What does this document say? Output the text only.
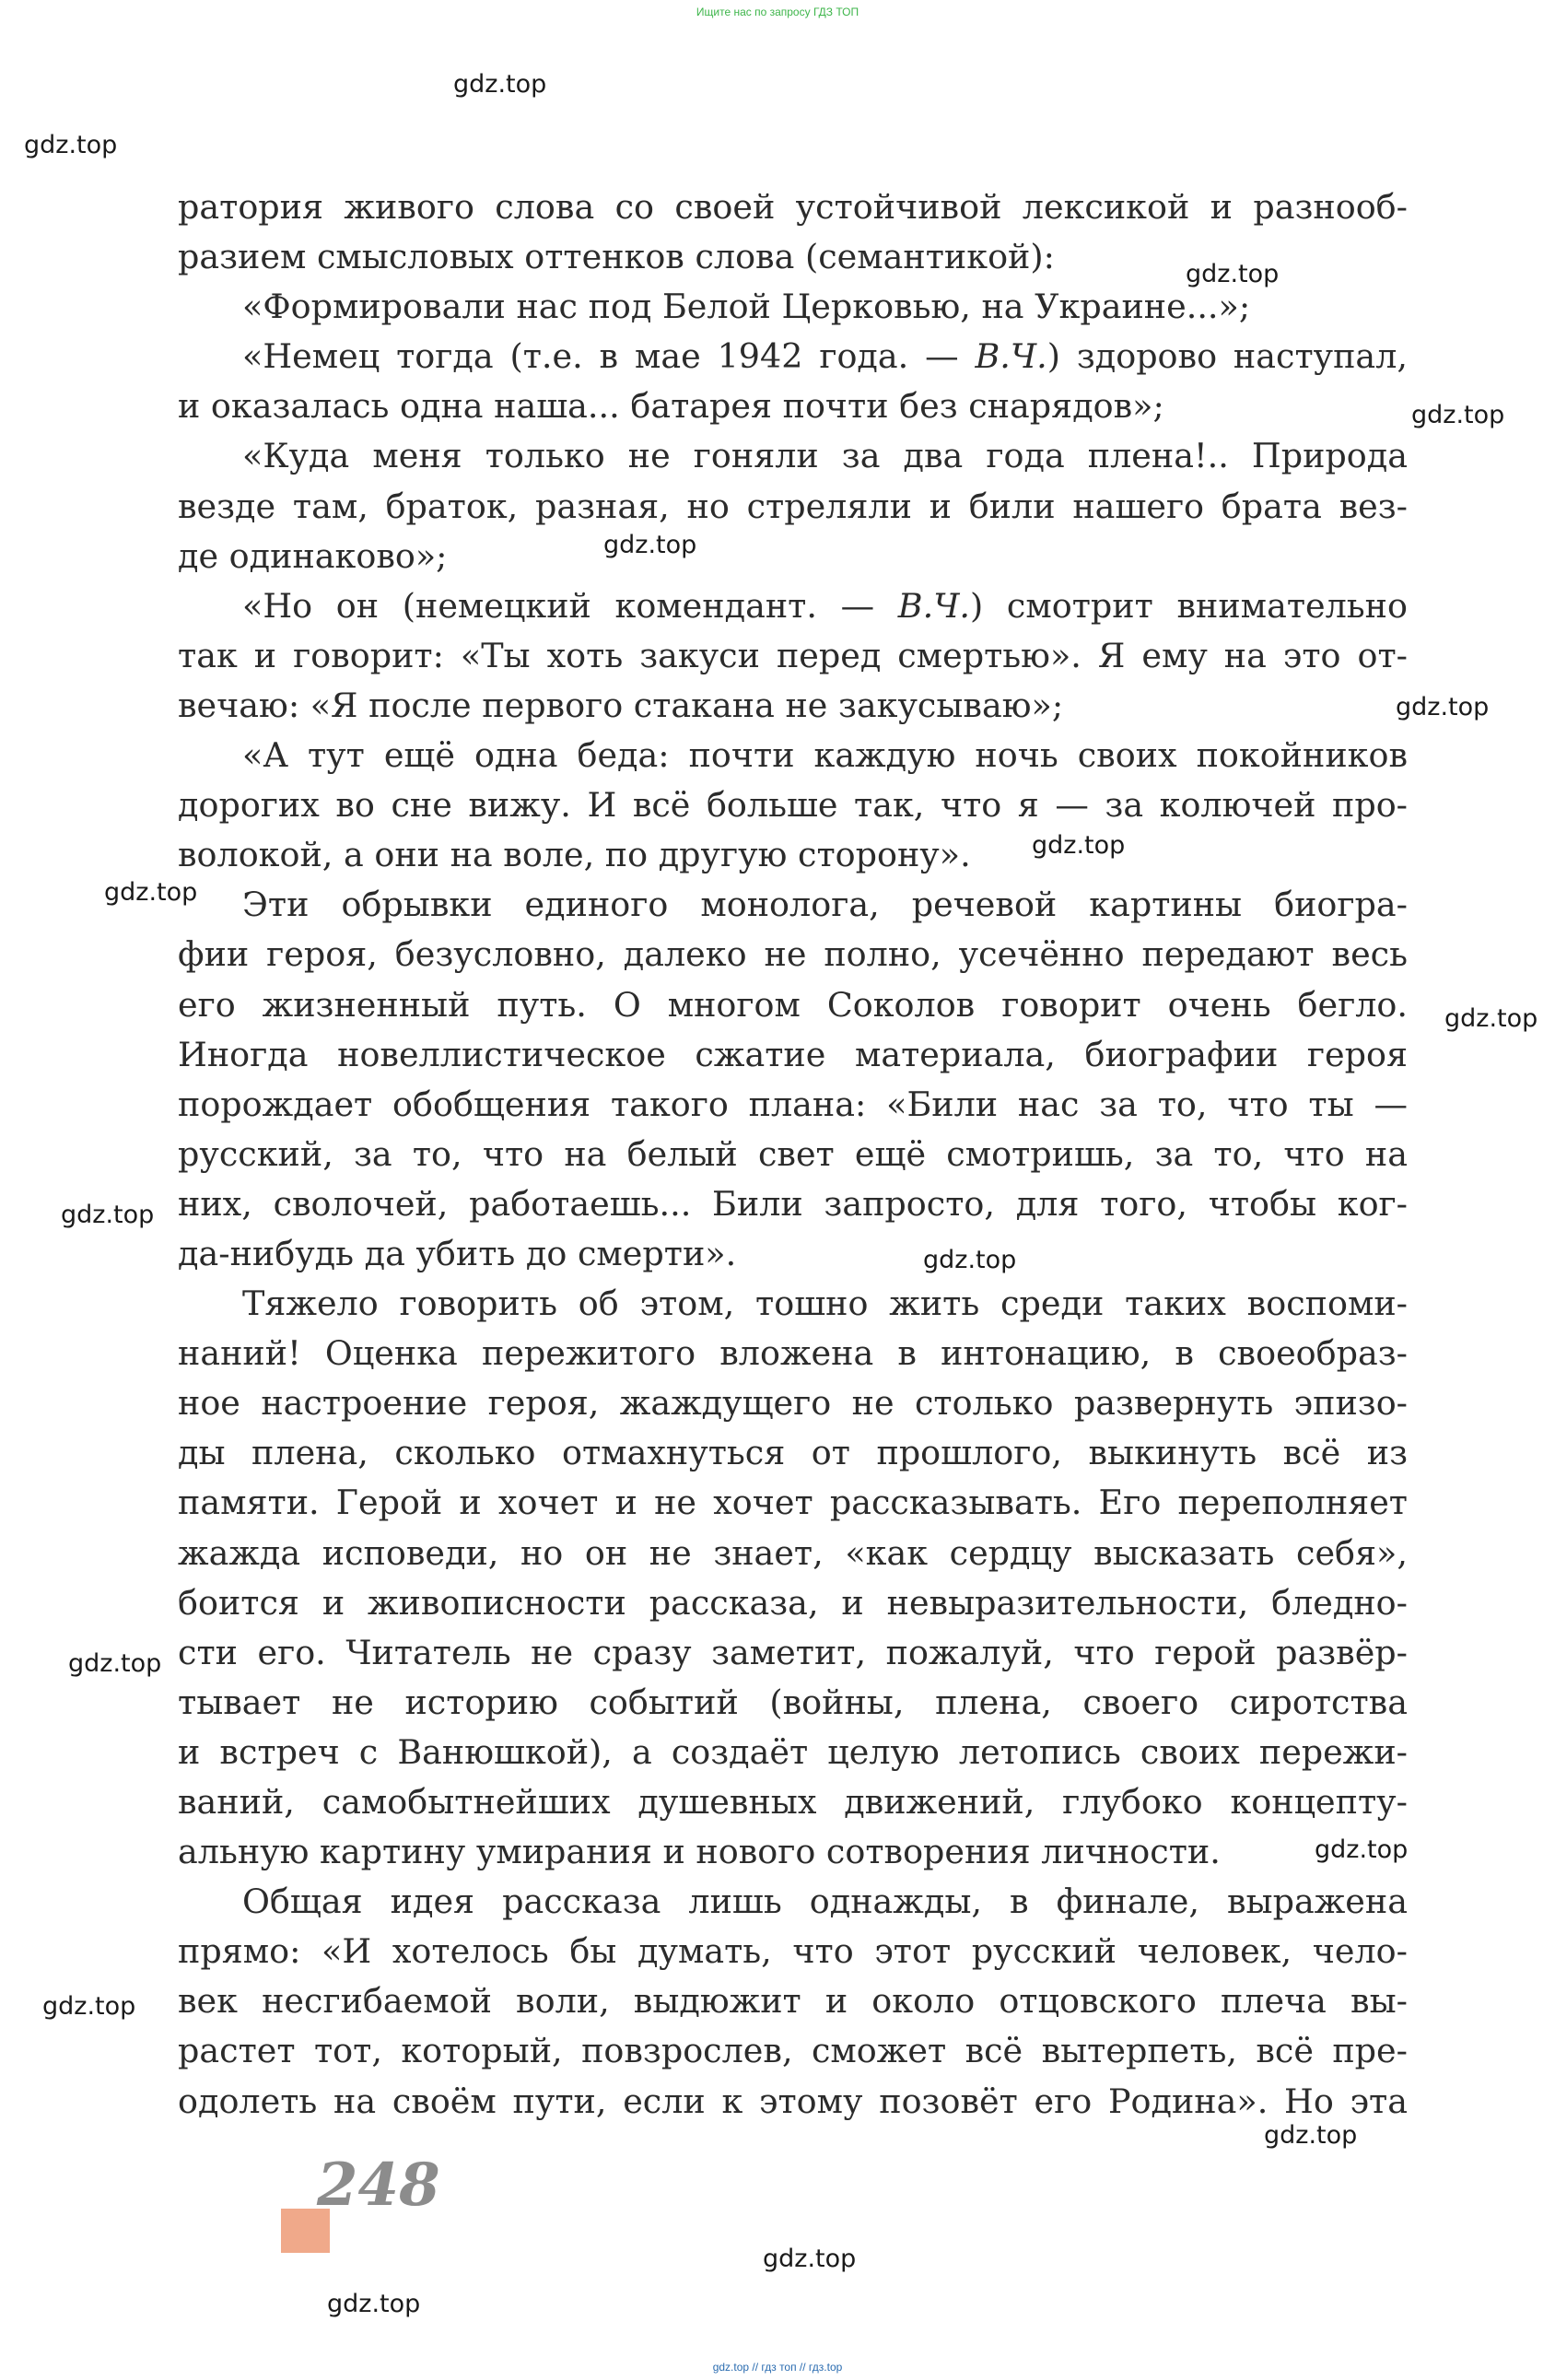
Ищите нас по запросу ГДЗ ТОП
ратория живого слова со своей устойчивой лексикой и разнооб-
разием смысловых оттенков слова (семантикой):
«Формировали нас под Белой Церковью, на Украине...»;
«Немец тогда (т.е. в мае 1942 года. — В.Ч.) здорово наступал,
и оказалась одна наша... батарея почти без снарядов»;
«Куда меня только не гоняли за два года плена!.. Природа
везде там, браток, разная, но стреляли и били нашего брата вез-
де одинаково»;
«Но он (немецкий комендант. — В.Ч.) смотрит внимательно
так и говорит: «Ты хоть закуси перед смертью». Я ему на это от-
вечаю: «Я после первого стакана не закусываю»;
«А тут ещё одна беда: почти каждую ночь своих покойников
дорогих во сне вижу. И всё больше так, что я — за колючей про-
волокой, а они на воле, по другую сторону».
Эти обрывки единого монолога, речевой картины биогра-
фии героя, безусловно, далеко не полно, усечённо передают весь
его жизненный путь. О многом Соколов говорит очень бегло.
Иногда новеллистическое сжатие материала, биографии героя
порождает обобщения такого плана: «Били нас за то, что ты —
русский, за то, что на белый свет ещё смотришь, за то, что на
них, сволочей, работаешь... Били запросто, для того, чтобы ког-
да-нибудь да убить до смерти».
Тяжело говорить об этом, тошно жить среди таких воспоми-
наний! Оценка пережитого вложена в интонацию, в своеобраз-
ное настроение героя, жаждущего не столько развернуть эпизо-
ды плена, сколько отмахнуться от прошлого, выкинуть всё из
памяти. Герой и хочет и не хочет рассказывать. Его переполняет
жажда исповеди, но он не знает, «как сердцу высказать себя»,
боится и живописности рассказа, и невыразительности, бледно-
сти его. Читатель не сразу заметит, пожалуй, что герой развёр-
тывает не историю событий (войны, плена, своего сиротства
и встреч с Ванюшкой), а создаёт целую летопись своих пережи-
ваний, самобытнейших душевных движений, глубоко концепту-
альную картину умирания и нового сотворения личности.
Общая идея рассказа лишь однажды, в финале, выражена
прямо: «И хотелось бы думать, что этот русский человек, чело-
век несгибаемой воли, выдюжит и около отцовского плеча вы-
растет тот, который, повзрослев, сможет всё вытерпеть, всё пре-
одолеть на своём пути, если к этому позовёт его Родина». Но эта
gdz.top
gdz.top
gdz.top
gdz.top
gdz.top
gdz.top
gdz.top
gdz.top
gdz.top
gdz.top
gdz.top
gdz.top
gdz.top
gdz.top
gdz.top
gdz.top
gdz.top
248
gdz.top // гдз топ // гдз.top
